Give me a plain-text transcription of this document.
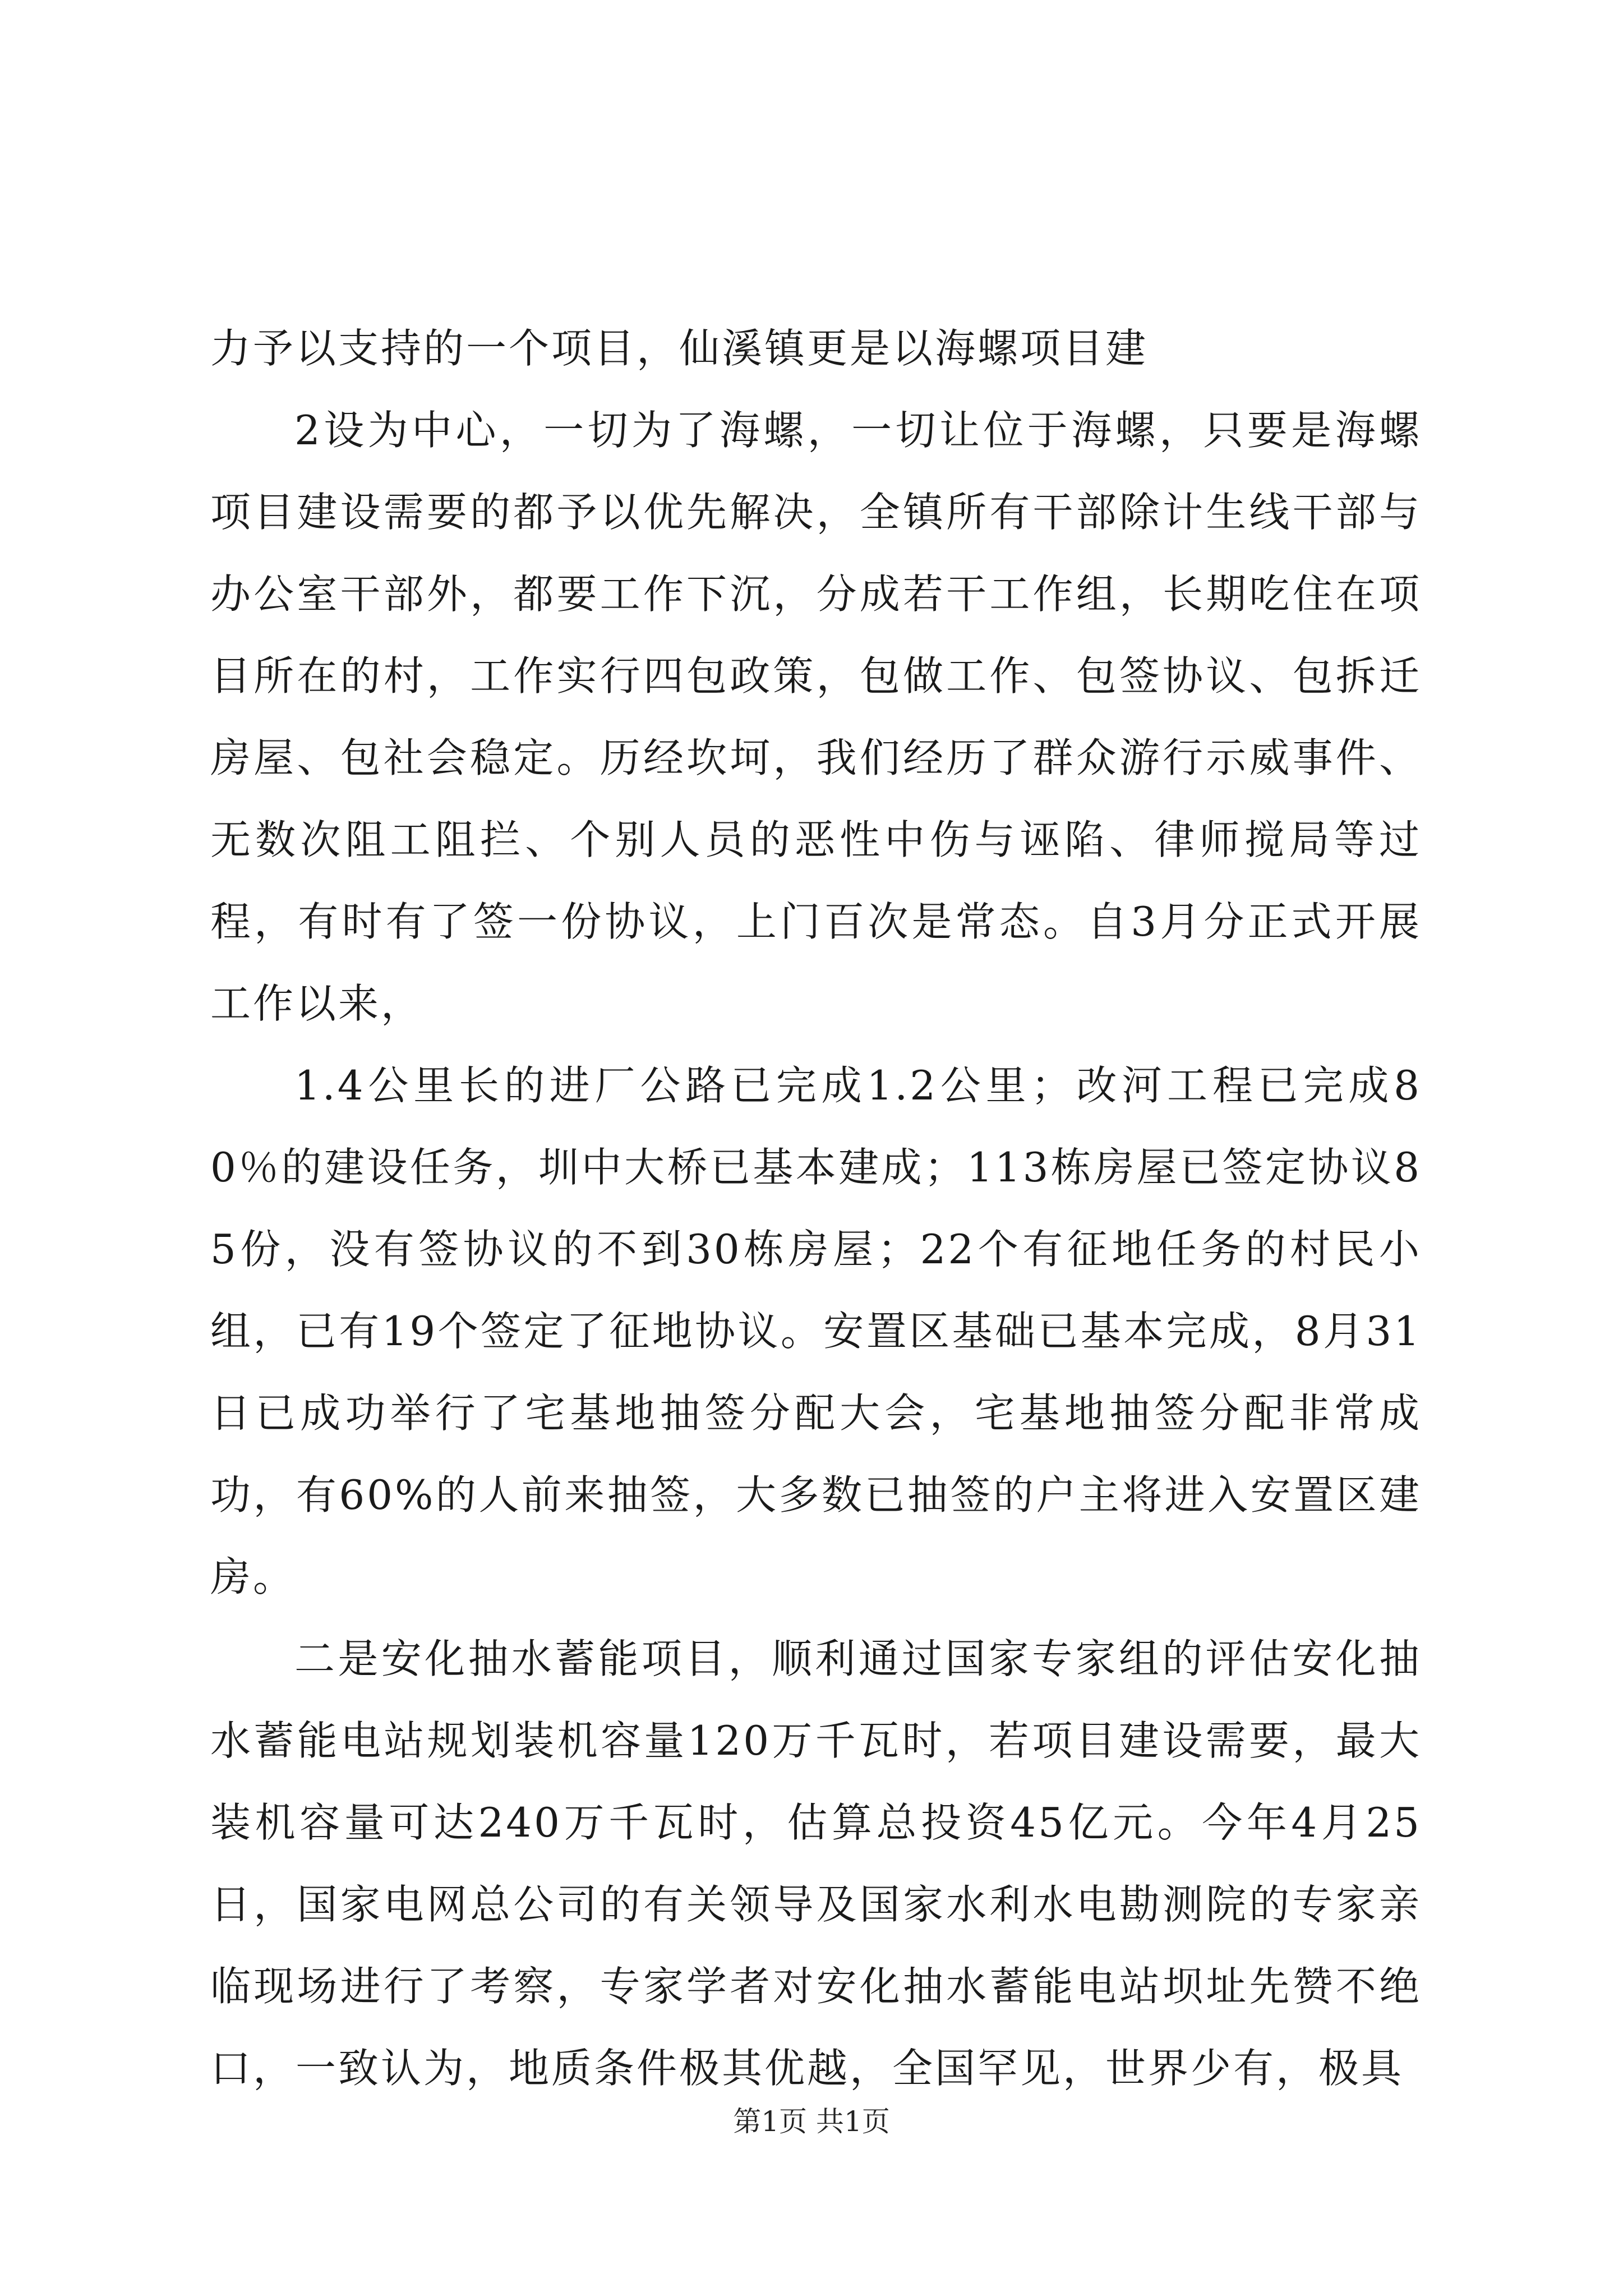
力予以支持的一个项目，仙溪镇更是以海螺项目建

2设为中心，一切为了海螺，一切让位于海螺，只要是海螺项目建设需要的都予以优先解决，全镇所有干部除计生线干部与办公室干部外，都要工作下沉，分成若干工作组，长期吃住在项目所在的村，工作实行四包政策，包做工作、包签协议、包拆迁房屋、包社会稳定。历经坎坷，我们经历了群众游行示威事件、无数次阻工阻拦、个别人员的恶性中伤与诬陷、律师搅局等过程，有时有了签一份协议，上门百次是常态。自3月分正式开展工作以来，

1.4公里长的进厂公路已完成1.2公里；改河工程已完成80％的建设任务，圳中大桥已基本建成；113栋房屋已签定协议85份，没有签协议的不到30栋房屋；22个有征地任务的村民小组，已有19个签定了征地协议。安置区基础已基本完成，8月31日已成功举行了宅基地抽签分配大会，宅基地抽签分配非常成功，有60%的人前来抽签，大多数已抽签的户主将进入安置区建房。

二是安化抽水蓄能项目，顺利通过国家专家组的评估安化抽水蓄能电站规划装机容量120万千瓦时，若项目建设需要，最大装机容量可达240万千瓦时，估算总投资45亿元。今年4月25日，国家电网总公司的有关领导及国家水利水电勘测院的专家亲临现场进行了考察，专家学者对安化抽水蓄能电站坝址先赞不绝口，一致认为，地质条件极其优越，全国罕见，世界少有，极具

第1页 共1页
